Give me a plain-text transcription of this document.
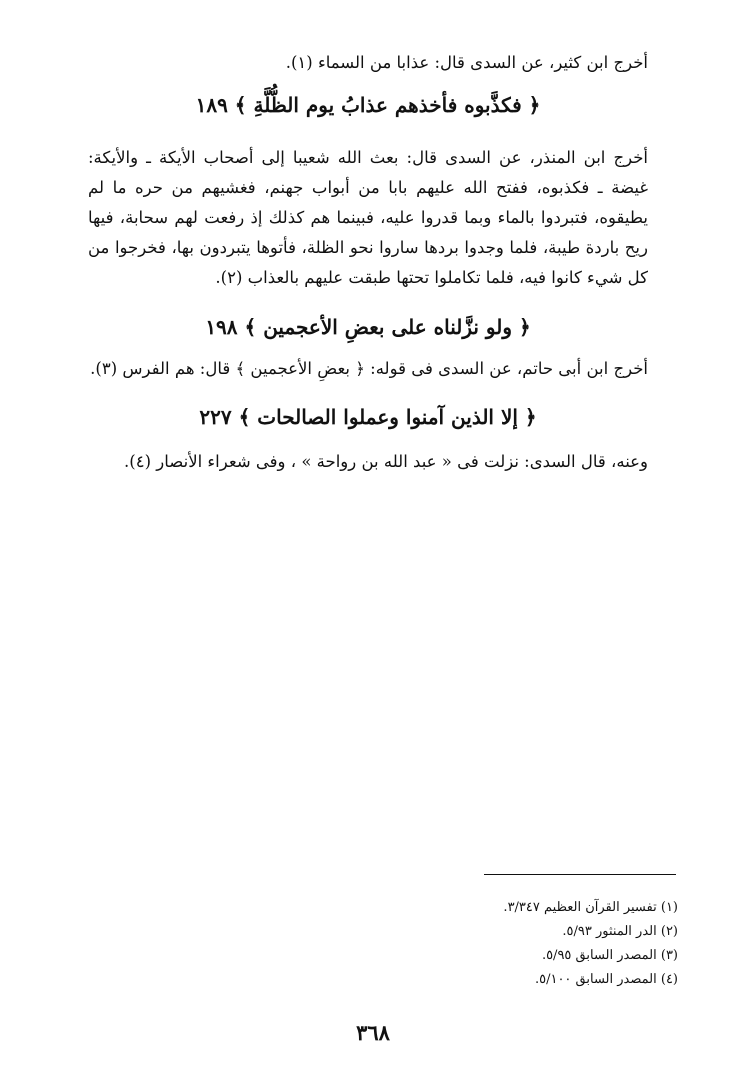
أخرج ابن كثير، عن السدى قال: عذابا من السماء (١).
﴿ فكذَّبوه فأخذهم عذابُ يوم الظُّلَّةِ ﴾ ١٨٩
أخرج ابن المنذر، عن السدى قال: بعث الله شعيبا إلى أصحاب الأيكة ـ والأيكة: غيضة ـ فكذبوه، ففتح الله عليهم بابا من أبواب جهنم، فغشيهم من حره ما لم يطيقوه، فتبردوا بالماء وبما قدروا عليه، فبينما هم كذلك إذ رفعت لهم سحابة، فيها ريح باردة طيبة، فلما وجدوا بردها ساروا نحو الظلة، فأتوها يتبردون بها، فخرجوا من كل شيء كانوا فيه، فلما تكاملوا تحتها طبقت عليهم بالعذاب (٢).
﴿ ولو نزَّلناه على بعضِ الأعجمين ﴾ ١٩٨
أخرج ابن أبى حاتم، عن السدى فى قوله: ﴿ بعضِ الأعجمين ﴾ قال: هم الفرس (٣).
﴿ إلا الذين آمنوا وعملوا الصالحات ﴾ ٢٢٧
وعنه، قال السدى: نزلت فى « عبد الله بن رواحة » ، وفى شعراء الأنصار (٤).
(١) تفسير القرآن العظيم ٣/٣٤٧.
(٢) الدر المنثور ٥/٩٣.
(٣) المصدر السابق ٥/٩٥.
(٤) المصدر السابق ٥/١٠٠.
٣٦٨
